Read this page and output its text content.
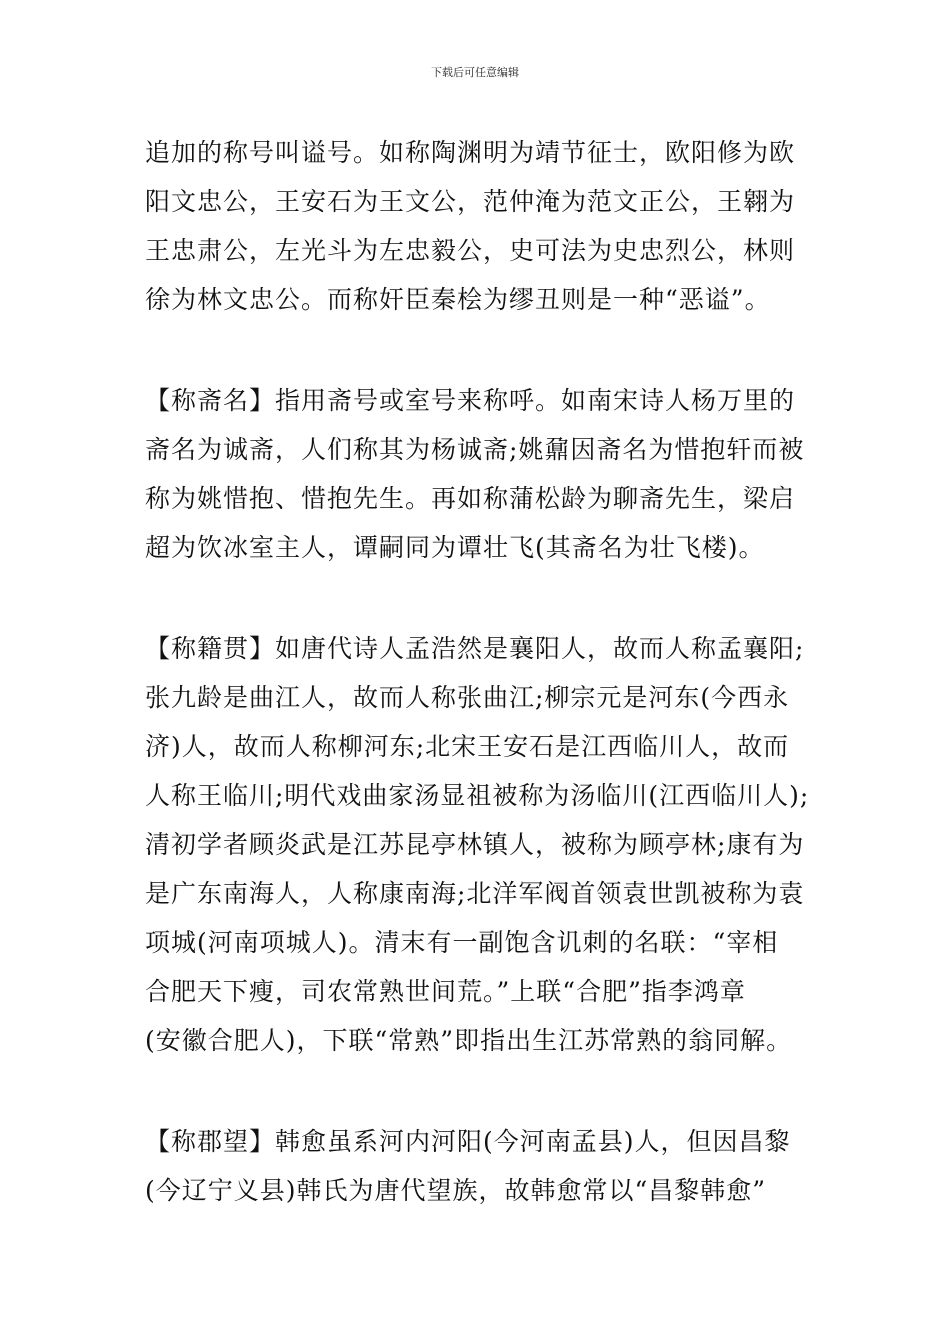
下载后可任意编辑
追加的称号叫谥号。如称陶渊明为靖节征士，欧阳修为欧
阳文忠公，王安石为王文公，范仲淹为范文正公，王翱为
王忠肃公，左光斗为左忠毅公，史可法为史忠烈公，林则
徐为林文忠公。而称奸臣秦桧为缪丑则是一种“恶谥”。
【称斋名】指用斋号或室号来称呼。如南宋诗人杨万里的
斋名为诚斋，人们称其为杨诚斋;姚鼐因斋名为惜抱轩而被
称为姚惜抱、惜抱先生。再如称蒲松龄为聊斋先生，梁启
超为饮冰室主人，谭嗣同为谭壮飞(其斋名为壮飞楼)。
【称籍贯】如唐代诗人孟浩然是襄阳人，故而人称孟襄阳;
张九龄是曲江人，故而人称张曲江;柳宗元是河东(今西永
济)人，故而人称柳河东;北宋王安石是江西临川人，故而
人称王临川;明代戏曲家汤显祖被称为汤临川(江西临川人);
清初学者顾炎武是江苏昆亭林镇人，被称为顾亭林;康有为
是广东南海人，人称康南海;北洋军阀首领袁世凯被称为袁
项城(河南项城人)。清末有一副饱含讥刺的名联：“宰相
合肥天下瘦，司农常熟世间荒。”上联“合肥”指李鸿章
(安徽合肥人)，下联“常熟”即指出生江苏常熟的翁同解。
【称郡望】韩愈虽系河内河阳(今河南孟县)人，但因昌黎
(今辽宁义县)韩氏为唐代望族，故韩愈常以“昌黎韩愈”
